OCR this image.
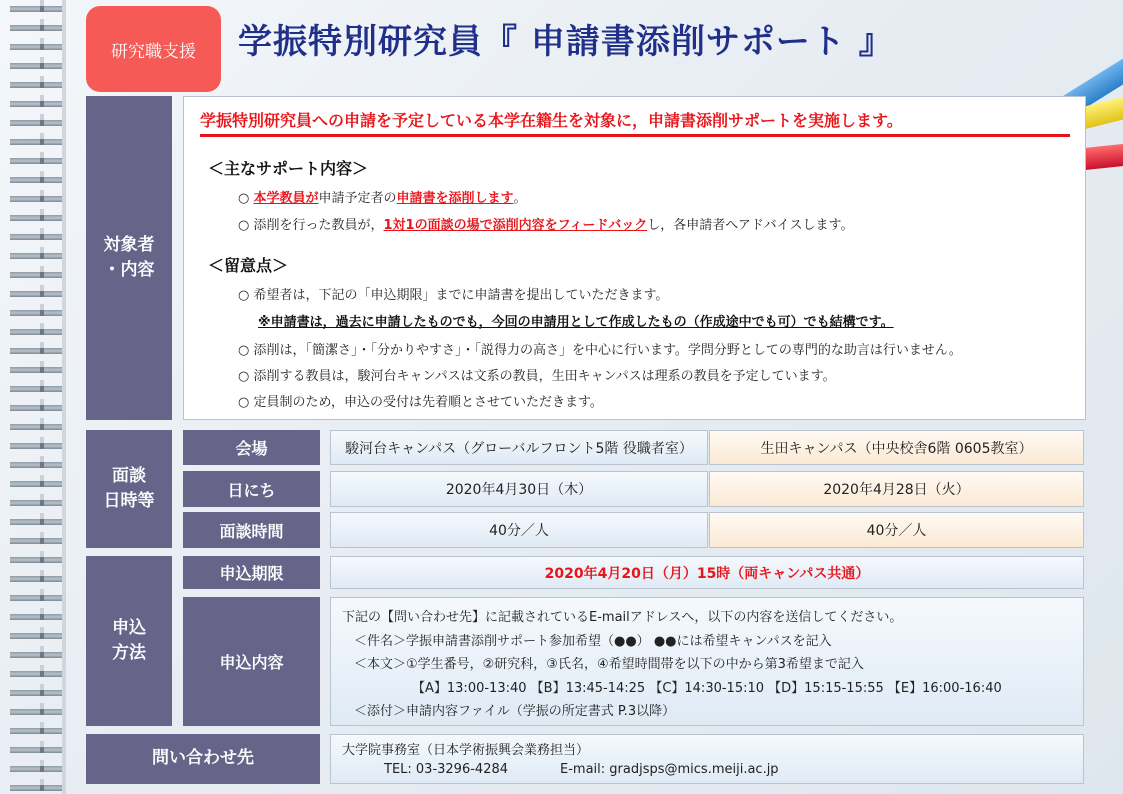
研究職支援	学振特別研究員『 申請書添削サポート 』
対象者
・内容
学振特別研究員への申請を予定している本学在籍生を対象に，申請書添削サポートを実施します。
＜主なサポート内容＞
○ 本学教員が申請予定者の申請書を添削します。
○ 添削を行った教員が，1対1の面談の場で添削内容をフィードバックし，各申請者へアドバイスします。
＜留意点＞
○ 希望者は，下記の「申込期限」までに申請書を提出していただきます。
※申請書は，過去に申請したものでも，今回の申請用として作成したもの（作成途中でも可）でも結構です。
○ 添削は，「簡潔さ」・「分かりやすさ」・「説得力の高さ」を中心に行います。学問分野としての専門的な助言は行いません。
○ 添削する教員は，駿河台キャンパスは文系の教員，生田キャンパスは理系の教員を予定しています。
○ 定員制のため，申込の受付は先着順とさせていただきます。
面談
日時等
会場	駿河台キャンパス（グローバルフロント5階 役職者室）	生田キャンパス（中央校舎6階 0605教室）
日にち	2020年4月30日（木）	2020年4月28日（火）
面談時間	40分／人	40分／人
申込
方法
申込期限	2020年4月20日（月）15時（両キャンパス共通）
申込内容
下記の【問い合わせ先】に記載されているE-mailアドレスへ，以下の内容を送信してください。
＜件名＞学振申請書添削サポート参加希望（●●） ●●には希望キャンパスを記入
＜本文＞①学生番号，②研究科，③氏名，④希望時間帯を以下の中から第3希望まで記入
【A】13:00-13:40 【B】13:45-14:25 【C】14:30-15:10 【D】15:15-15:55 【E】16:00-16:40
＜添付＞申請内容ファイル（学振の所定書式 P.3以降）
問い合わせ先	大学院事務室（日本学術振興会業務担当）
TEL: 03-3296-4284	E-mail: gradjsps@mics.meiji.ac.jp
